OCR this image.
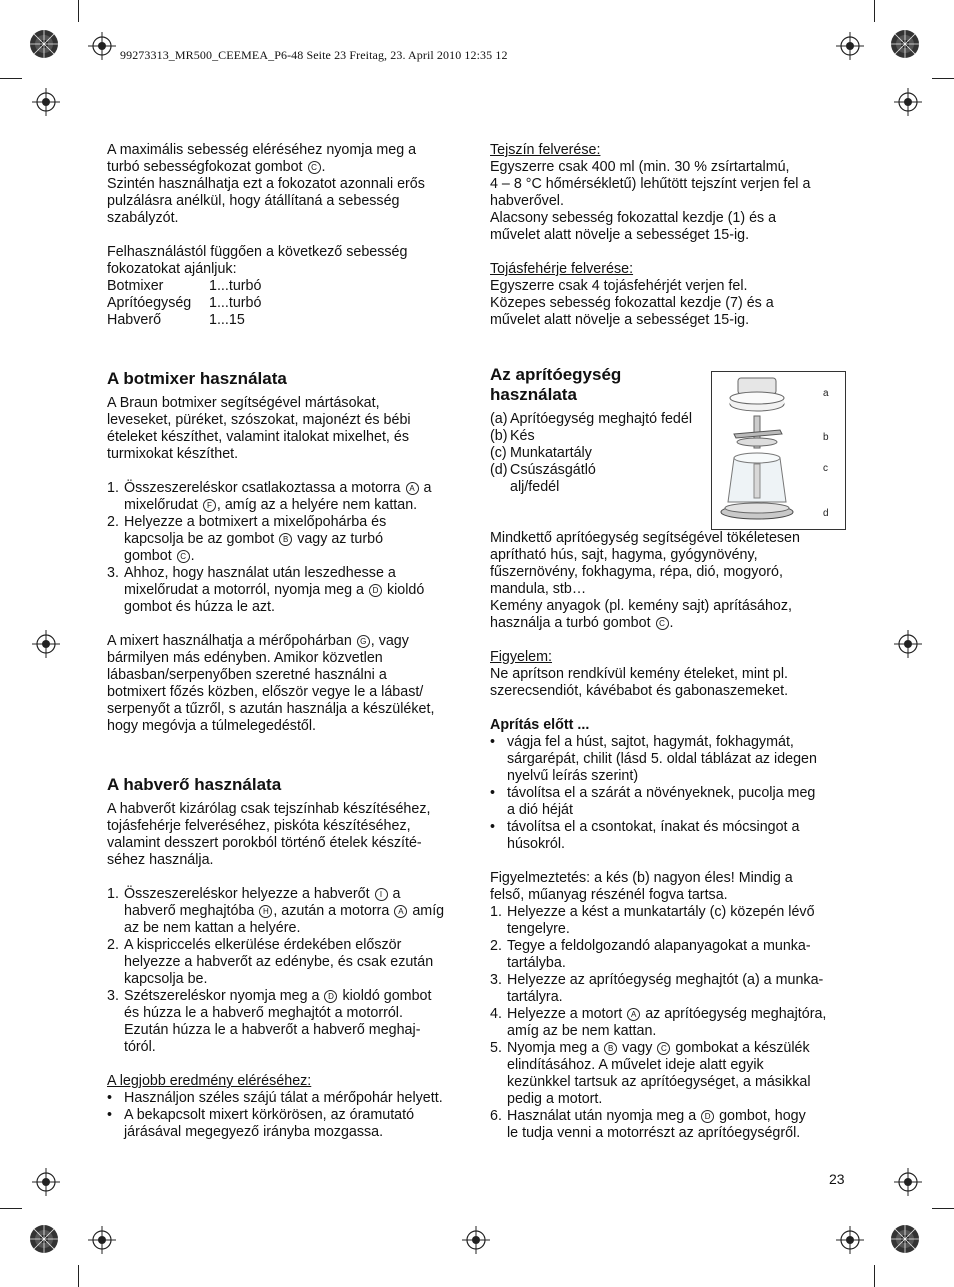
99273313_MR500_CEEMEA_P6-48 Seite 23 Freitag, 23. April 2010 12:35 12

A maximális sebesség eléréséhez nyomja meg a

turbó sebességfokozat gombot C .

Szintén használhatja ezt a fokozatot azonnali erős

pulzálásra anélkül, hogy átállítaná a sebesség

szabályzót.

Felhasználástól függően a következő sebesség

fokozatokat ajánljuk:

Botmixer	1...turbó
Aprítóegység	1...turbó
Habverő	1...15
A botmixer használata

A Braun botmixer segítségével mártásokat,

leveseket, püréket, szószokat, majonézt és bébi

ételeket készíthet, valamint italokat mixelhet, és

turmixokat készíthet.

1. Összeszereléskor csatlakoztassa a motorra A a
mixelőrudat F , amíg az a helyére nem kattan.
2. Helyezze a botmixert a mixelőpohárba és
kapcsolja be az gombot B vagy az turbó
gombot C .
3. Ahhoz, hogy használat után leszedhesse a
mixelőrudat a motorról, nyomja meg a D kioldó
gombot és húzza le azt.

A mixert használhatja a mérőpohárban G , vagy

bármilyen más edényben. Amikor közvetlen

lábasban/serpenyőben szeretné használni a

botmixert főzés közben, először vegye le a lábast/

serpenyőt a tűzről, s azután használja a készüléket,

hogy megóvja a túlmelegedéstől.

A habverő használata

A habverőt kizárólag csak tejszínhab készítéséhez,

tojásfehérje felveréséhez, piskóta készítéséhez,

valamint desszert porokból történő ételek készíté-

séhez használja.

1. Összeszereléskor helyezze a habverőt I a
habverő meghajtóba H , azután a motorra A amíg
az be nem kattan a helyére.
2. A kispriccelés elkerülése érdekében először
helyezze a habverőt az edénybe, és csak ezután
kapcsolja be.
3. Szétszereléskor nyomja meg a D kioldó gombot
és húzza le a habverő meghajtót a motorról.
Ezután húzza le a habverőt a habverő meghaj-
tóról.

A legjobb eredmény eléréséhez:

• Használjon széles szájú tálat a mérőpohár helyett.
• A bekapcsolt mixert körkörösen, az óramutató
járásával megegyező irányba mozgassa.

Tejszín felverése:

Egyszerre csak 400 ml (min. 30 % zsírtartalmú,

4 – 8 °C hőmérsékletű) lehűtött tejszínt verjen fel a

habverővel.

Alacsony sebesség fokozattal kezdje (1) és a

művelet alatt növelje a sebességet 15-ig.

Tojásfehérje felverése:

Egyszerre csak 4 tojásfehérjét verjen fel.

Közepes sebesség fokozattal kezdje (7) és a

művelet alatt növelje a sebességet 15-ig.

Az aprítóegység
használata
(a) Aprítóegység meghajtó fedél
(b) Kés
(c) Munkatartály
(d) Csúszásgátló

alj/fedél

Mindkettő aprítóegység segítségével tökéletesen

aprítható hús, sajt, hagyma, gyógynövény,

fűszernövény, fokhagyma, répa, dió, mogyoró,

mandula, stb…

Kemény anyagok (pl. kemény sajt) aprításához,

használja a turbó gombot C .

Figyelem:

Ne aprítson rendkívül kemény ételeket, mint pl.

szerecsendiót, kávébabot és gabonaszemeket.

Aprítás előtt ...

• vágja fel a húst, sajtot, hagymát, fokhagymát,
sárgarépát, chilit (lásd 5. oldal táblázat az idegen
nyelvű leírás szerint)
• távolítsa el a szárát a növényeknek, pucolja meg
a dió héját
• távolítsa el a csontokat, ínakat és mócsingot a
húsokról.

Figyelmeztetés: a kés (b) nagyon éles! Mindig a

felső, műanyag részénél fogva tartsa.

1. Helyezze a kést a munkatartály (c) közepén lévő
tengelyre.
2. Tegye a feldolgozandó alapanyagokat a munka-
tartályba.
3. Helyezze az aprítóegység meghajtót (a) a munka-
tartályra.
4. Helyezze a motort A az aprítóegység meghajtóra,
amíg az be nem kattan.
5. Nyomja meg a B vagy C gombokat a készülék
elindításához. A művelet ideje alatt egyik
kezünkkel tartsuk az aprítóegységet, a másikkal
pedig a motort.
6. Használat után nyomja meg a D gombot, hogy
le tudja venni a motorrészt az aprítóegységről.
a
b
c
d
23
